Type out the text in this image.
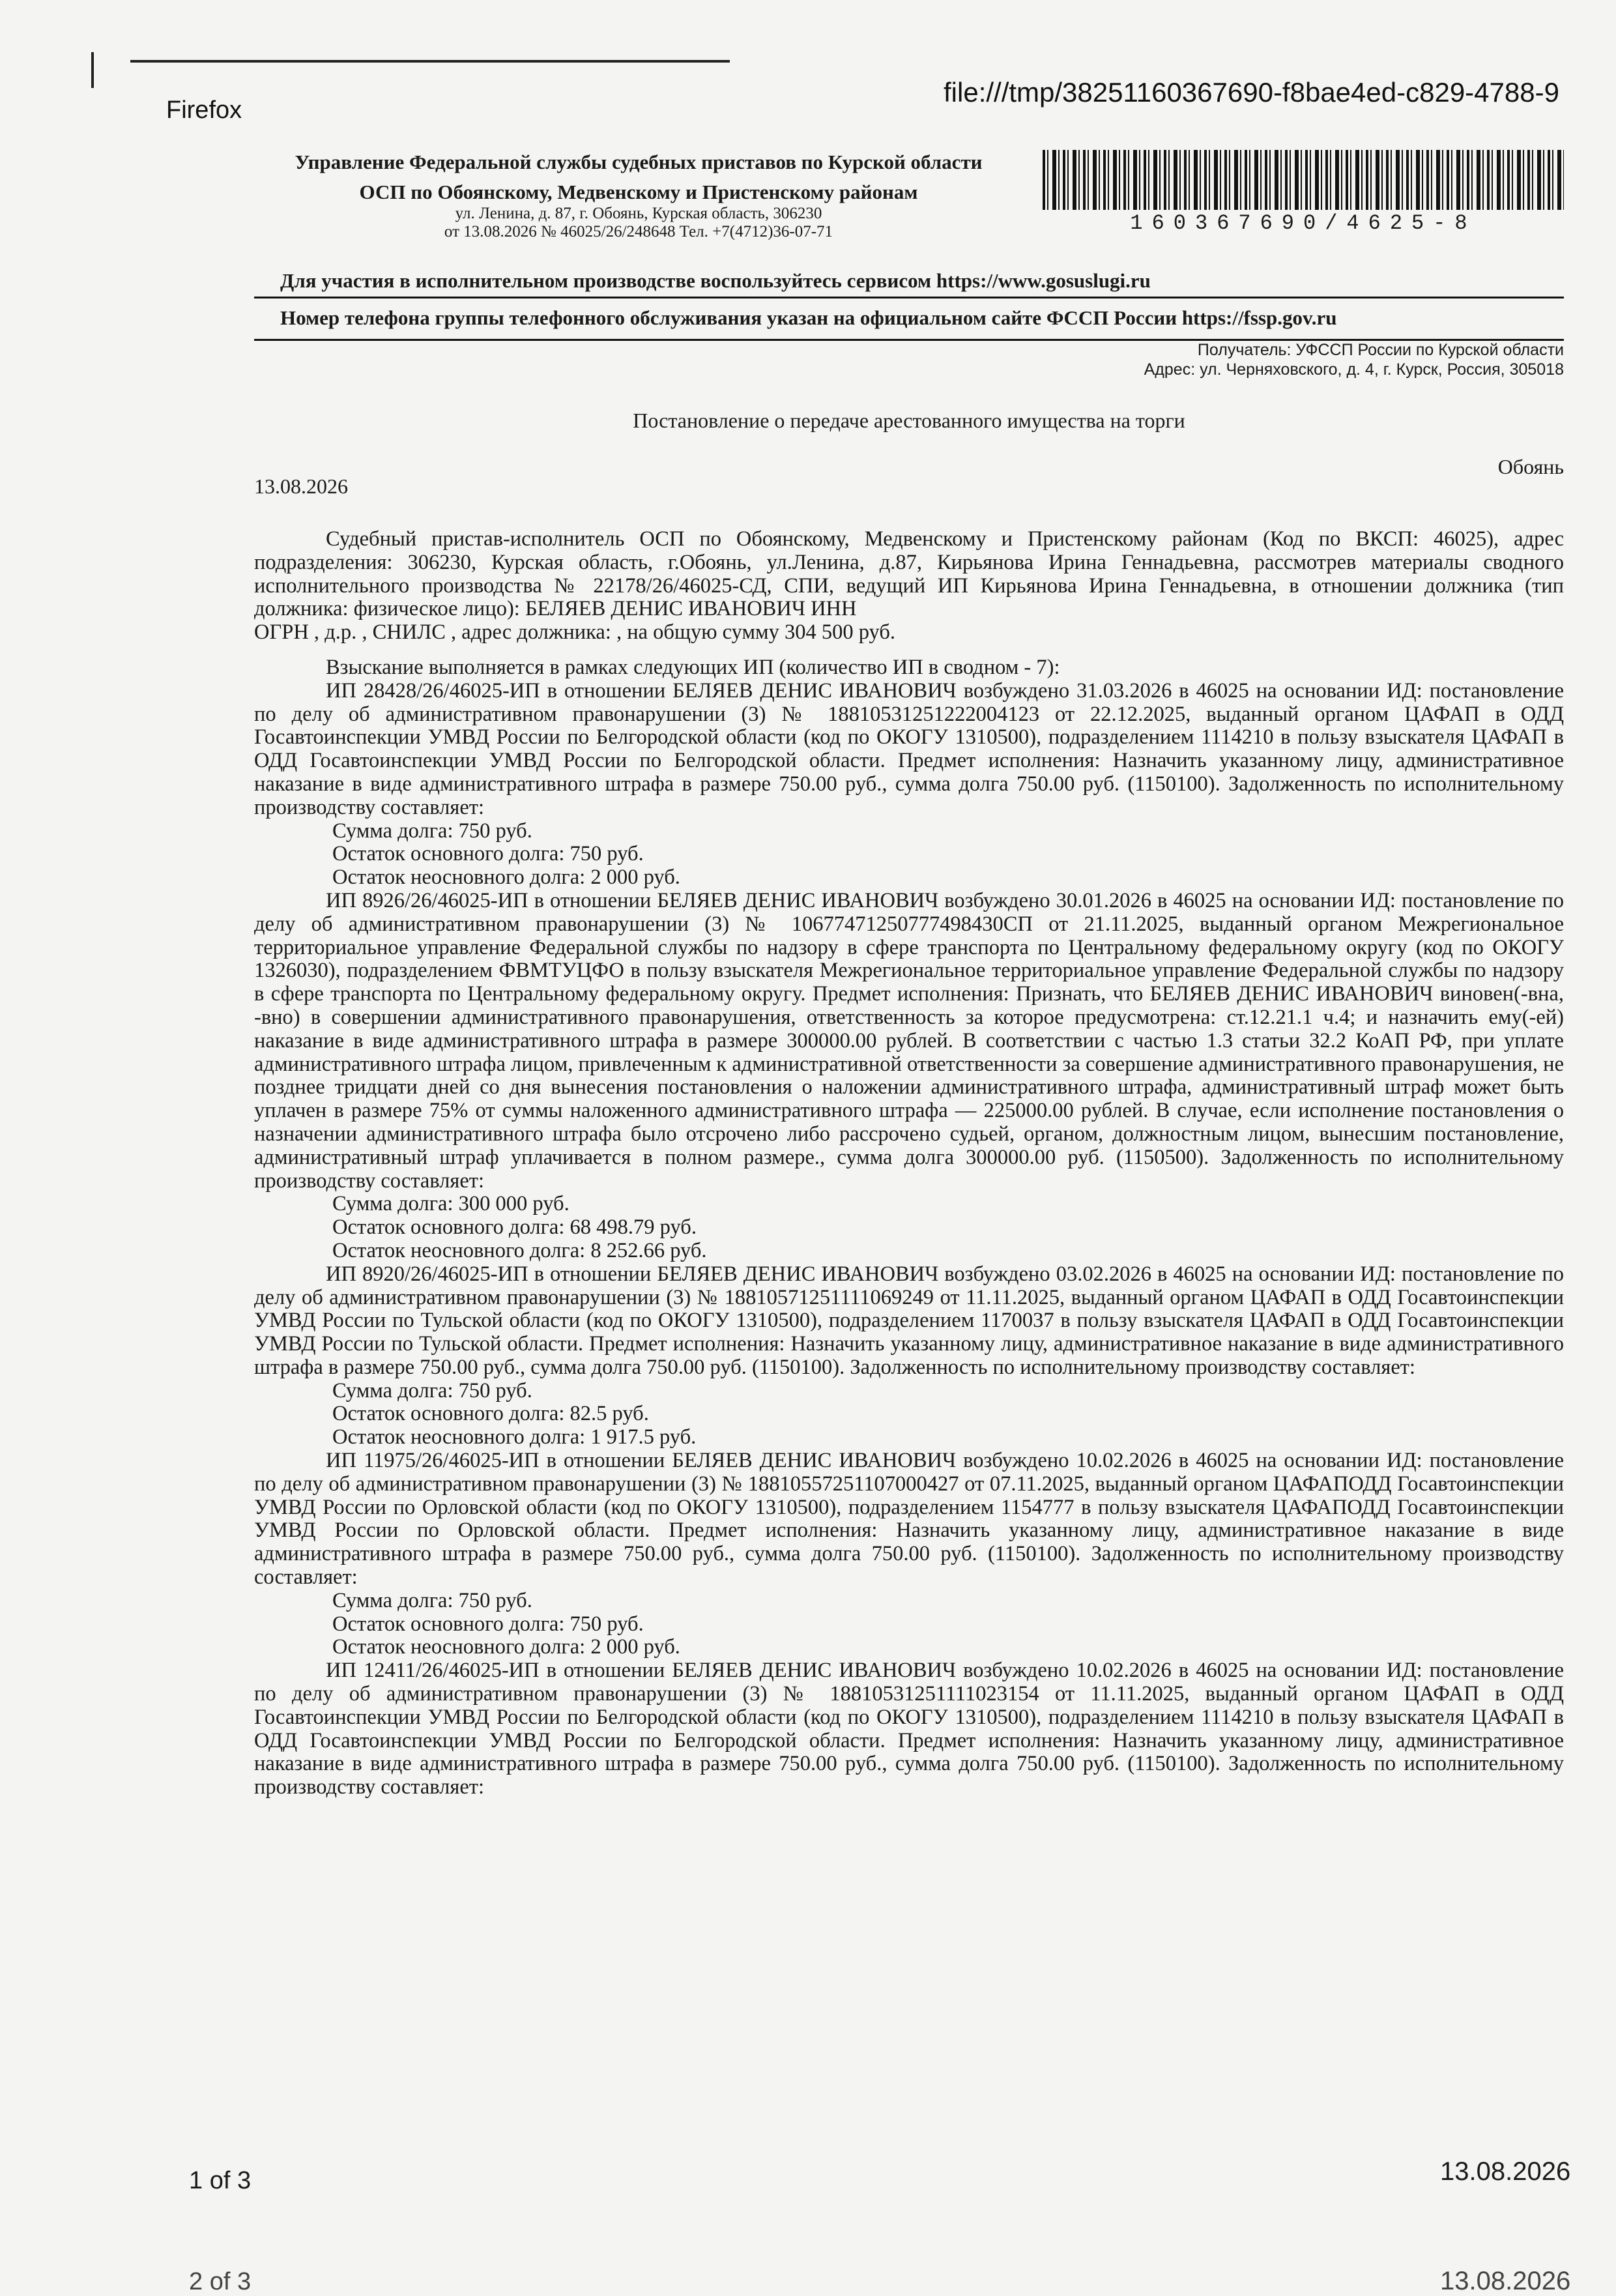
Firefox
file:///tmp/38251160367690-f8bae4ed-c829-4788-9
Управление Федеральной службы судебных приставов по Курской области
ОСП по Обоянскому, Медвенскому и Пристенскому районам
ул. Ленина, д. 87, г. Обоянь, Курская область, 306230
от 13.08.2026 № 46025/26/248648 Тел. +7(4712)36-07-71	160367690/4625-8
Для участия в исполнительном производстве воспользуйтесь сервисом https://www.gosuslugi.ru
Номер телефона группы телефонного обслуживания указан на официальном сайте ФССП России https://fssp.gov.ru
Получатель: УФССП России по Курской области
Адрес: ул. Черняховского, д. 4, г. Курск, Россия, 305018
Постановление о передаче арестованного имущества на торги
13.08.2026
Обоянь

Судебный пристав-исполнитель ОСП по Обоянскому, Медвенскому и Пристенскому районам (Код по ВКСП: 46025), адрес подразделения: 306230, Курская область, г.Обоянь, ул.Ленина, д.87, Кирьянова Ирина Геннадьевна, рассмотрев материалы сводного исполнительного производства № 22178/26/46025-СД, СПИ, ведущий ИП Кирьянова Ирина Геннадьевна, в отношении должника (тип должника: физическое лицо): БЕЛЯЕВ ДЕНИС ИВАНОВИЧ ИНН 000000000000

ОГРН , д.р. , СНИЛС , адрес должника: , на общую сумму 304 500 руб.

Взыскание выполняется в рамках следующих ИП (количество ИП в сводном - 7):

ИП 28428/26/46025-ИП в отношении БЕЛЯЕВ ДЕНИС ИВАНОВИЧ возбуждено 31.03.2026 в 46025 на основании ИД: постановление по делу об административном правонарушении (3) № 18810531251222004123 от 22.12.2025, выданный органом ЦАФАП в ОДД Госавтоинспекции УМВД России по Белгородской области (код по ОКОГУ 1310500), подразделением 1114210 в пользу взыскателя ЦАФАП в ОДД Госавтоинспекции УМВД России по Белгородской области. Предмет исполнения: Назначить указанному лицу, административное наказание в виде административного штрафа в размере 750.00 руб., сумма долга 750.00 руб. (1150100). Задолженность по исполнительному производству составляет:

Сумма долга: 750 руб.
Остаток основного долга: 750 руб.
Остаток неосновного долга: 2 000 руб.

ИП 8926/26/46025-ИП в отношении БЕЛЯЕВ ДЕНИС ИВАНОВИЧ возбуждено 30.01.2026 в 46025 на основании ИД: постановление по делу об административном правонарушении (3) № 10677471250777498430СП от 21.11.2025, выданный органом Межрегиональное территориальное управление Федеральной службы по надзору в сфере транспорта по Центральному федеральному округу (код по ОКОГУ 1326030), подразделением ФВМТУЦФО в пользу взыскателя Межрегиональное территориальное управление Федеральной службы по надзору в сфере транспорта по Центральному федеральному округу. Предмет исполнения: Признать, что БЕЛЯЕВ ДЕНИС ИВАНОВИЧ виновен(-вна, -вно) в совершении административного правонарушения, ответственность за которое предусмотрена: ст.12.21.1 ч.4; и назначить ему(-ей) наказание в виде административного штрафа в размере 300000.00 рублей. В соответствии с частью 1.3 статьи 32.2 КоАП РФ, при уплате административного штрафа лицом, привлеченным к административной ответственности за совершение административного правонарушения, не позднее тридцати дней со дня вынесения постановления о наложении административного штрафа, административный штраф может быть уплачен в размере 75% от суммы наложенного административного штрафа — 225000.00 рублей. В случае, если исполнение постановления о назначении административного штрафа было отсрочено либо рассрочено судьей, органом, должностным лицом, вынесшим постановление, административный штраф уплачивается в полном размере., сумма долга 300000.00 руб. (1150500). Задолженность по исполнительному производству составляет:

Сумма долга: 300 000 руб.
Остаток основного долга: 68 498.79 руб.
Остаток неосновного долга: 8 252.66 руб.

ИП 8920/26/46025-ИП в отношении БЕЛЯЕВ ДЕНИС ИВАНОВИЧ возбуждено 03.02.2026 в 46025 на основании ИД: постановление по делу об административном правонарушении (3) № 18810571251111069249 от 11.11.2025, выданный органом ЦАФАП в ОДД Госавтоинспекции УМВД России по Тульской области (код по ОКОГУ 1310500), подразделением 1170037 в пользу взыскателя ЦАФАП в ОДД Госавтоинспекции УМВД России по Тульской области. Предмет исполнения: Назначить указанному лицу, административное наказание в виде административного штрафа в размере 750.00 руб., сумма долга 750.00 руб. (1150100). Задолженность по исполнительному производству составляет:

Сумма долга: 750 руб.
Остаток основного долга: 82.5 руб.
Остаток неосновного долга: 1 917.5 руб.

ИП 11975/26/46025-ИП в отношении БЕЛЯЕВ ДЕНИС ИВАНОВИЧ возбуждено 10.02.2026 в 46025 на основании ИД: постановление по делу об административном правонарушении (3) № 18810557251107000427 от 07.11.2025, выданный органом ЦАФАПОДД Госавтоинспекции УМВД России по Орловской области (код по ОКОГУ 1310500), подразделением 1154777 в пользу взыскателя ЦАФАПОДД Госавтоинспекции УМВД России по Орловской области. Предмет исполнения: Назначить указанному лицу, административное наказание в виде административного штрафа в размере 750.00 руб., сумма долга 750.00 руб. (1150100). Задолженность по исполнительному производству составляет:

Сумма долга: 750 руб.
Остаток основного долга: 750 руб.
Остаток неосновного долга: 2 000 руб.

ИП 12411/26/46025-ИП в отношении БЕЛЯЕВ ДЕНИС ИВАНОВИЧ возбуждено 10.02.2026 в 46025 на основании ИД: постановление по делу об административном правонарушении (3) № 18810531251111023154 от 11.11.2025, выданный органом ЦАФАП в ОДД Госавтоинспекции УМВД России по Белгородской области (код по ОКОГУ 1310500), подразделением 1114210 в пользу взыскателя ЦАФАП в ОДД Госавтоинспекции УМВД России по Белгородской области. Предмет исполнения: Назначить указанному лицу, административное наказание в виде административного штрафа в размере 750.00 руб., сумма долга 750.00 руб. (1150100). Задолженность по исполнительному производству составляет:

1 of 3	13.08.2026
2 of 3	13.08.2026
